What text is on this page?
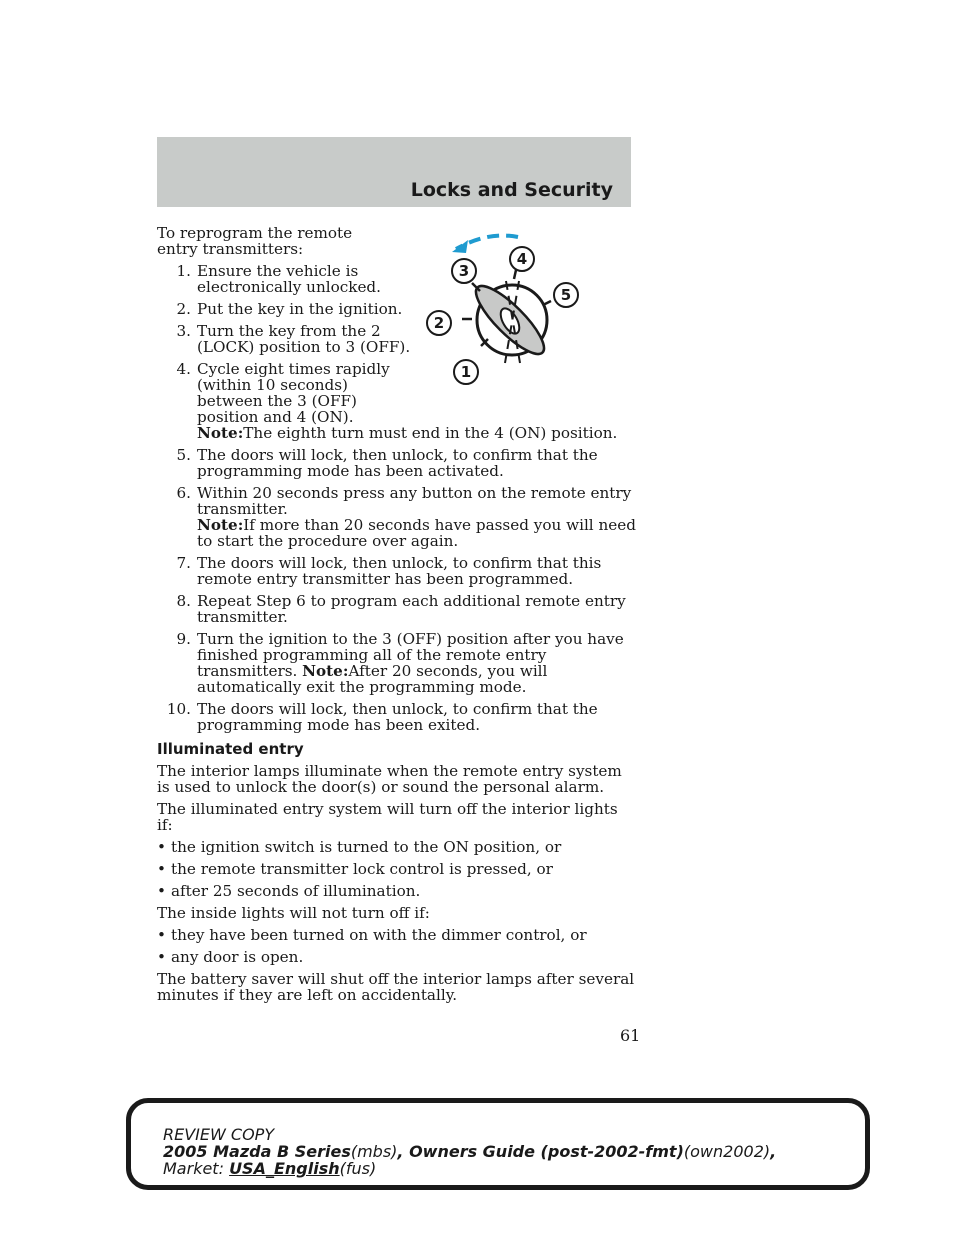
Locks and Security
1
2
3
4
5

To reprogram the remote entry transmitters:

1. Ensure the vehicle is electronically unlocked.
2. Put the key in the ignition.
3. Turn the key from the 2 (LOCK) position to 3 (OFF).
4. Cycle eight times rapidly (within 10 seconds) between the 3 (OFF) position and 4 (ON).
Note:The eighth turn must end in the 4 (ON) position.
5. The doors will lock, then unlock, to confirm that the programming mode has been activated.
6. Within 20 seconds press any button on the remote entry transmitter.
Note:If more than 20 seconds have passed you will need to start the procedure over again.
7. The doors will lock, then unlock, to confirm that this remote entry transmitter has been programmed.
8. Repeat Step 6 to program each additional remote entry transmitter.
9. Turn the ignition to the 3 (OFF) position after you have finished programming all of the remote entry transmitters. Note:After 20 seconds, you will automatically exit the programming mode.
10. The doors will lock, then unlock, to confirm that the programming mode has been exited.
Illuminated entry

The interior lamps illuminate when the remote entry system is used to unlock the door(s) or sound the personal alarm.

The illuminated entry system will turn off the interior lights if:

• the ignition switch is turned to the ON position, or
• the remote transmitter lock control is pressed, or
• after 25 seconds of illumination.

The inside lights will not turn off if:

• they have been turned on with the dimmer control, or
• any door is open.

The battery saver will shut off the interior lamps after several minutes if they are left on accidentally.

61
REVIEW COPY
2005 Mazda B Series(mbs), Owners Guide (post-2002-fmt)(own2002),
Market: USA_English(fus)
